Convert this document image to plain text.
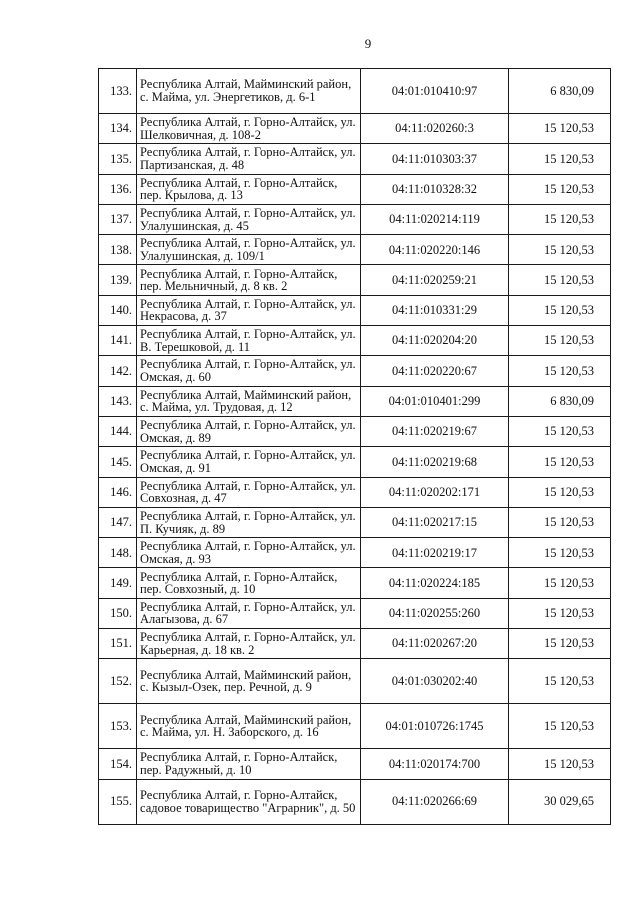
9
133.	Республика Алтай, Майминский район, с. Майма, ул. Энергетиков, д. 6-1	04:01:010410:97	6 830,09
134.	Республика Алтай, г. Горно-Алтайск, ул. Шелковичная, д. 108-2	04:11:020260:3	15 120,53
135.	Республика Алтай, г. Горно-Алтайск, ул. Партизанская, д. 48	04:11:010303:37	15 120,53
136.	Республика Алтай, г. Горно-Алтайск, пер. Крылова, д. 13	04:11:010328:32	15 120,53
137.	Республика Алтай, г. Горно-Алтайск, ул. Улалушинская, д. 45	04:11:020214:119	15 120,53
138.	Республика Алтай, г. Горно-Алтайск, ул. Улалушинская, д. 109/1	04:11:020220:146	15 120,53
139.	Республика Алтай, г. Горно-Алтайск, пер. Мельничный, д. 8 кв. 2	04:11:020259:21	15 120,53
140.	Республика Алтай, г. Горно-Алтайск, ул. Некрасова, д. 37	04:11:010331:29	15 120,53
141.	Республика Алтай, г. Горно-Алтайск, ул. В. Терешковой, д. 11	04:11:020204:20	15 120,53
142.	Республика Алтай, г. Горно-Алтайск, ул. Омская, д. 60	04:11:020220:67	15 120,53
143.	Республика Алтай, Майминский район, с. Майма, ул. Трудовая, д. 12	04:01:010401:299	6 830,09
144.	Республика Алтай, г. Горно-Алтайск, ул. Омская, д. 89	04:11:020219:67	15 120,53
145.	Республика Алтай, г. Горно-Алтайск, ул. Омская, д. 91	04:11:020219:68	15 120,53
146.	Республика Алтай, г. Горно-Алтайск, ул. Совхозная, д. 47	04:11:020202:171	15 120,53
147.	Республика Алтай, г. Горно-Алтайск, ул. П. Кучияк, д. 89	04:11:020217:15	15 120,53
148.	Республика Алтай, г. Горно-Алтайск, ул. Омская, д. 93	04:11:020219:17	15 120,53
149.	Республика Алтай, г. Горно-Алтайск, пер. Совхозный, д. 10	04:11:020224:185	15 120,53
150.	Республика Алтай, г. Горно-Алтайск, ул. Алагызова, д. 67	04:11:020255:260	15 120,53
151.	Республика Алтай, г. Горно-Алтайск, ул. Карьерная, д. 18 кв. 2	04:11:020267:20	15 120,53
152.	Республика Алтай, Майминский район, с. Кызыл-Озек, пер. Речной, д. 9	04:01:030202:40	15 120,53
153.	Республика Алтай, Майминский район, с. Майма, ул. Н. Заборского, д. 16	04:01:010726:1745	15 120,53
154.	Республика Алтай, г. Горно-Алтайск, пер. Радужный, д. 10	04:11:020174:700	15 120,53
155.	Республика Алтай, г. Горно-Алтайск, садовое товарищество "Аграрник", д. 50	04:11:020266:69	30 029,65
